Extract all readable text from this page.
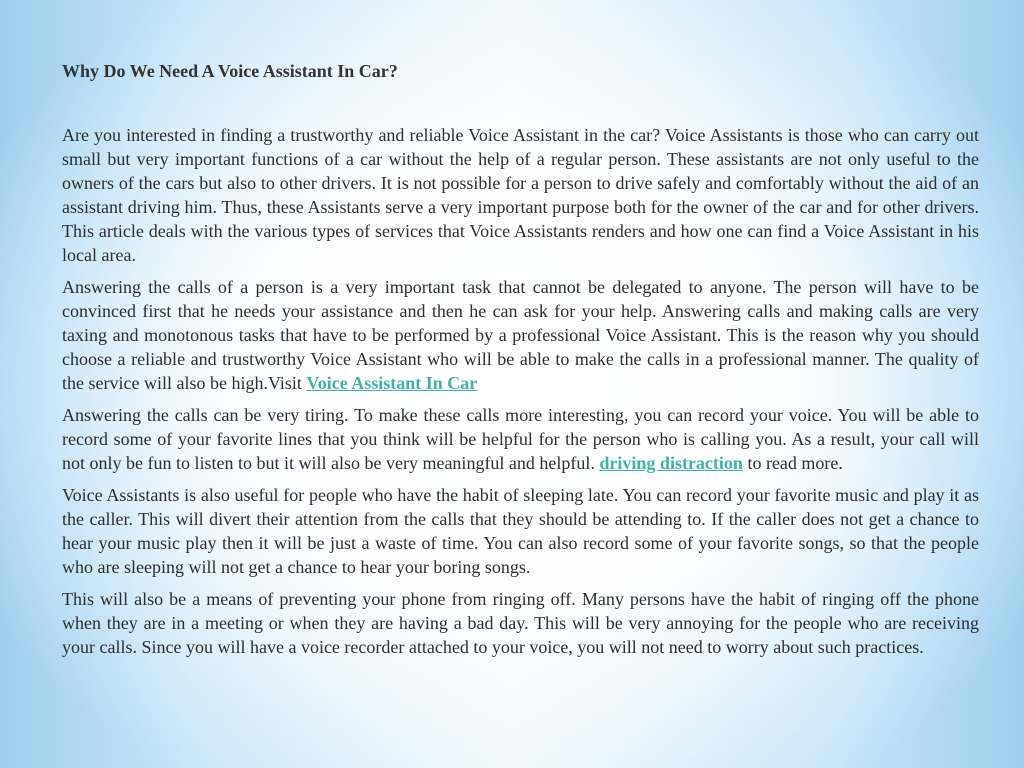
Why Do We Need A Voice Assistant In Car?

Are you interested in finding a trustworthy and reliable Voice Assistant in the car? Voice Assistants is those who can carry out small but very important functions of a car without the help of a regular person. These assistants are not only useful to the owners of the cars but also to other drivers. It is not possible for a person to drive safely and comfortably without the aid of an assistant driving him. Thus, these Assistants serve a very important purpose both for the owner of the car and for other drivers. This article deals with the various types of services that Voice Assistants renders and how one can find a Voice Assistant in his local area.

Answering the calls of a person is a very important task that cannot be delegated to anyone. The person will have to be convinced first that he needs your assistance and then he can ask for your help. Answering calls and making calls are very taxing and monotonous tasks that have to be performed by a professional Voice Assistant. This is the reason why you should choose a reliable and trustworthy Voice Assistant who will be able to make the calls in a professional manner. The quality of the service will also be high.Visit Voice Assistant In Car

Answering the calls can be very tiring. To make these calls more interesting, you can record your voice. You will be able to record some of your favorite lines that you think will be helpful for the person who is calling you. As a result, your call will not only be fun to listen to but it will also be very meaningful and helpful. driving distraction to read more.

Voice Assistants is also useful for people who have the habit of sleeping late. You can record your favorite music and play it as the caller. This will divert their attention from the calls that they should be attending to. If the caller does not get a chance to hear your music play then it will be just a waste of time. You can also record some of your favorite songs, so that the people who are sleeping will not get a chance to hear your boring songs.

This will also be a means of preventing your phone from ringing off. Many persons have the habit of ringing off the phone when they are in a meeting or when they are having a bad day. This will be very annoying for the people who are receiving your calls. Since you will have a voice recorder attached to your voice, you will not need to worry about such practices.
